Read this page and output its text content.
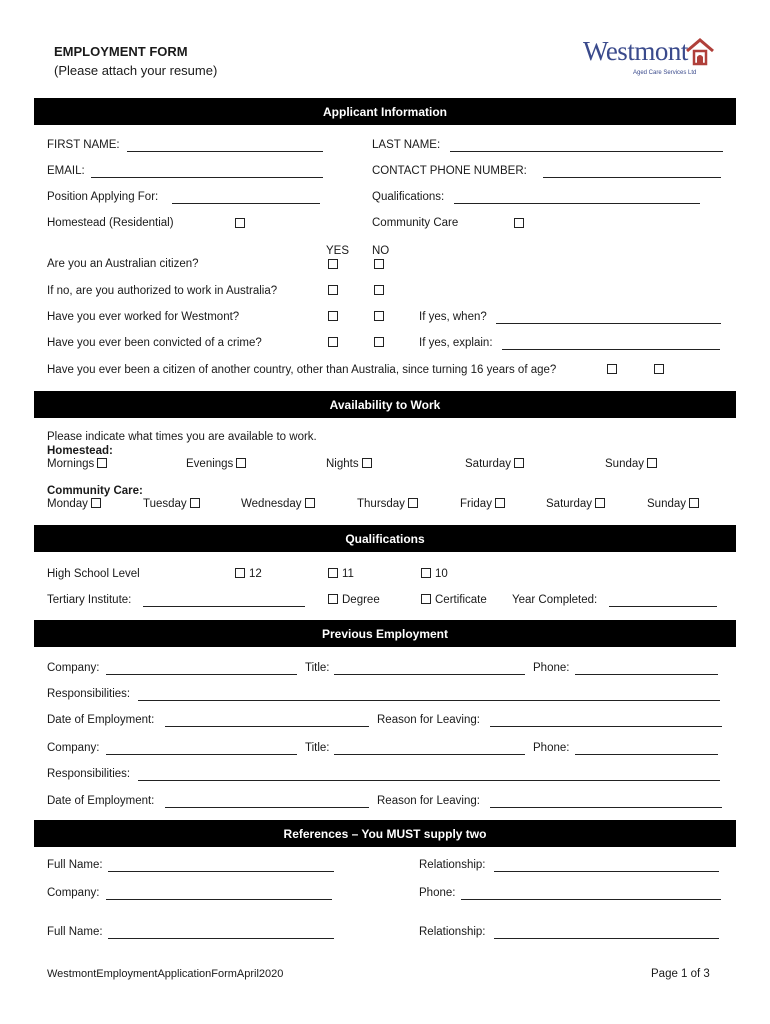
EMPLOYMENT FORM
(Please attach your resume)
Westmont
Aged Care Services Ltd
Applicant Information
FIRST NAME:	LAST NAME:
EMAIL:	CONTACT PHONE NUMBER:
Position Applying For:	Qualifications:
Homestead (Residential)	Community Care
YES NO
Are you an Australian citizen?
If no, are you authorized to work in Australia?
Have you ever worked for Westmont?	If yes, when?
Have you ever been convicted of a crime?	If yes, explain:
Have you ever been a citizen of another country, other than Australia, since turning 16 years of age?
Availability to Work
Please indicate what times you are available to work.
Homestead:
Mornings	Evenings	Nights	Saturday	Sunday
Community Care:
Monday	Tuesday	Wednesday	Thursday	Friday	Saturday	Sunday
Qualifications
High School Level	12	11	10
Tertiary Institute:	Degree	Certificate Year Completed:
Previous Employment
Company:	Title:	Phone:
Responsibilities:
Date of Employment:	Reason for Leaving:
Company:	Title:	Phone:
Responsibilities:
Date of Employment:	Reason for Leaving:
References – You MUST supply two
Full Name:	Relationship:
Company:	Phone:
Full Name:	Relationship:
WestmontEmploymentApplicationFormApril2020	Page 1 of 3
